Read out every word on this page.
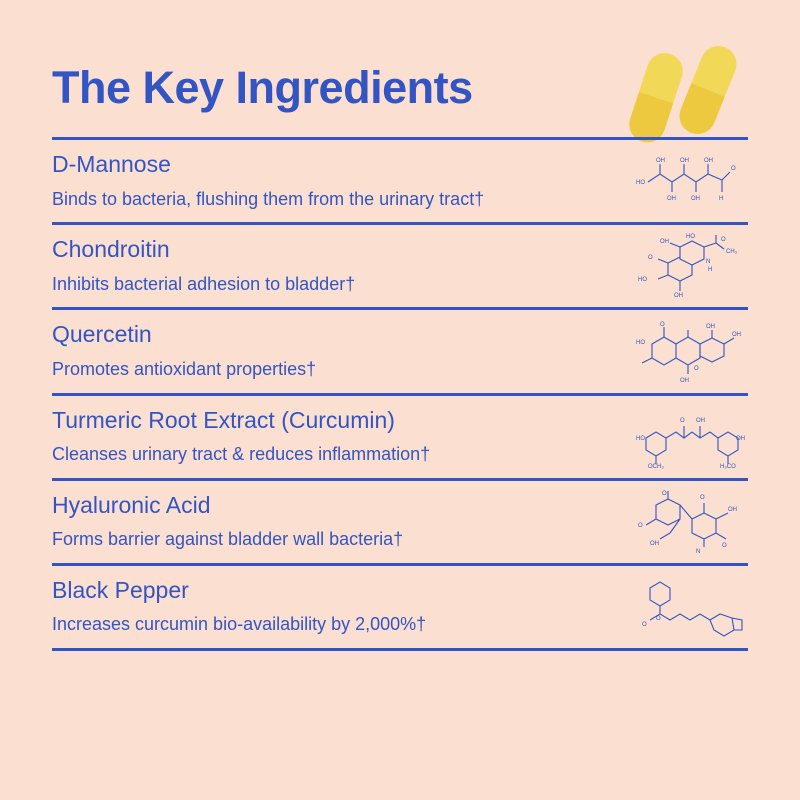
The Key Ingredients

D-Mannose

Binds to bacteria, flushing them from the urinary tract†

HO
OH	OH	OH
OH	OH
O
H

Chondroitin

Inhibits bacterial adhesion to bladder†

HO	O
CH₃
N
H
HO
OH
O
OH

Quercetin

Promotes antioxidant properties†

HO
OH
O
OH
OH
O

Turmeric Root Extract (Curcumin)

Cleanses urinary tract & reduces inflammation†

O OH
HO	OH
OCH₃	H₃CO

Hyaluronic Acid

Forms barrier against bladder wall bacteria†

O
OH
O
OH
N
O
O

Black Pepper

Increases curcumin bio-availability by 2,000%†	O
O
